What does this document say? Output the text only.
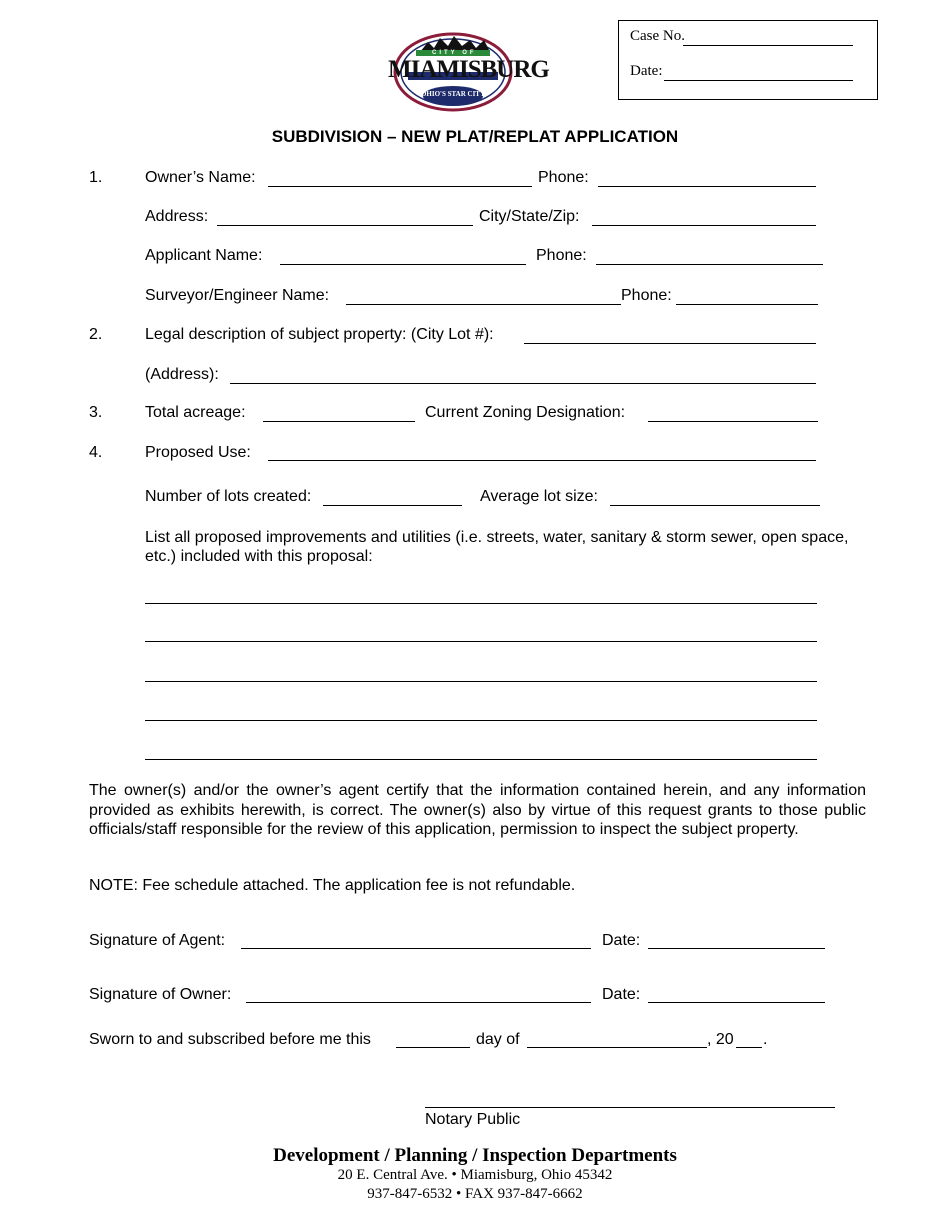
CITY OF
MIAMISBURG
OHIO'S STAR CITY
Case No.
Date:
SUBDIVISION – NEW PLAT/REPLAT APPLICATION
1.	Owner’s Name:	Phone:
Address:	City/State/Zip:
Applicant Name:	Phone:
Surveyor/Engineer Name:	Phone:
2.	Legal description of subject property: (City Lot #):
(Address):
3.	Total acreage:	Current Zoning Designation:
4.	Proposed Use:
Number of lots created:	Average lot size:
List all proposed improvements and utilities (i.e. streets, water, sanitary & storm sewer, open space, etc.) included with this proposal:
The owner(s) and/or the owner’s agent certify that the information contained herein, and any information provided as exhibits herewith, is correct. The owner(s) also by virtue of this request grants to those public officials/staff responsible for the review of this application, permission to inspect the subject property.
NOTE: Fee schedule attached. The application fee is not refundable.
Signature of Agent:	Date:
Signature of Owner:	Date:
Sworn to and subscribed before me this	day of	, 20 .
Notary Public
Development / Planning / Inspection Departments
20 E. Central Ave. • Miamisburg, Ohio 45342
937-847-6532 • FAX 937-847-6662
